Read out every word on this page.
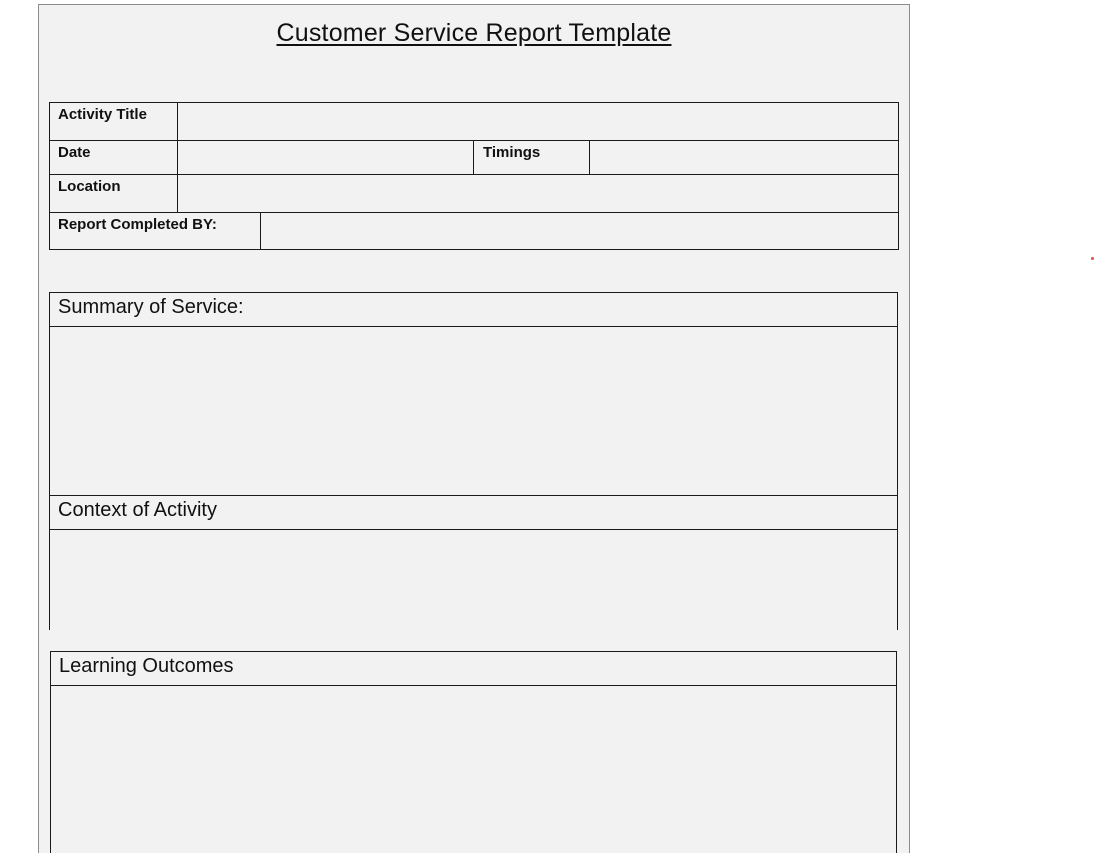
Customer Service Report Template
Activity Title
Date	Timings
Location
Report Completed BY:
Summary of Service:
Context of Activity
Learning Outcomes
